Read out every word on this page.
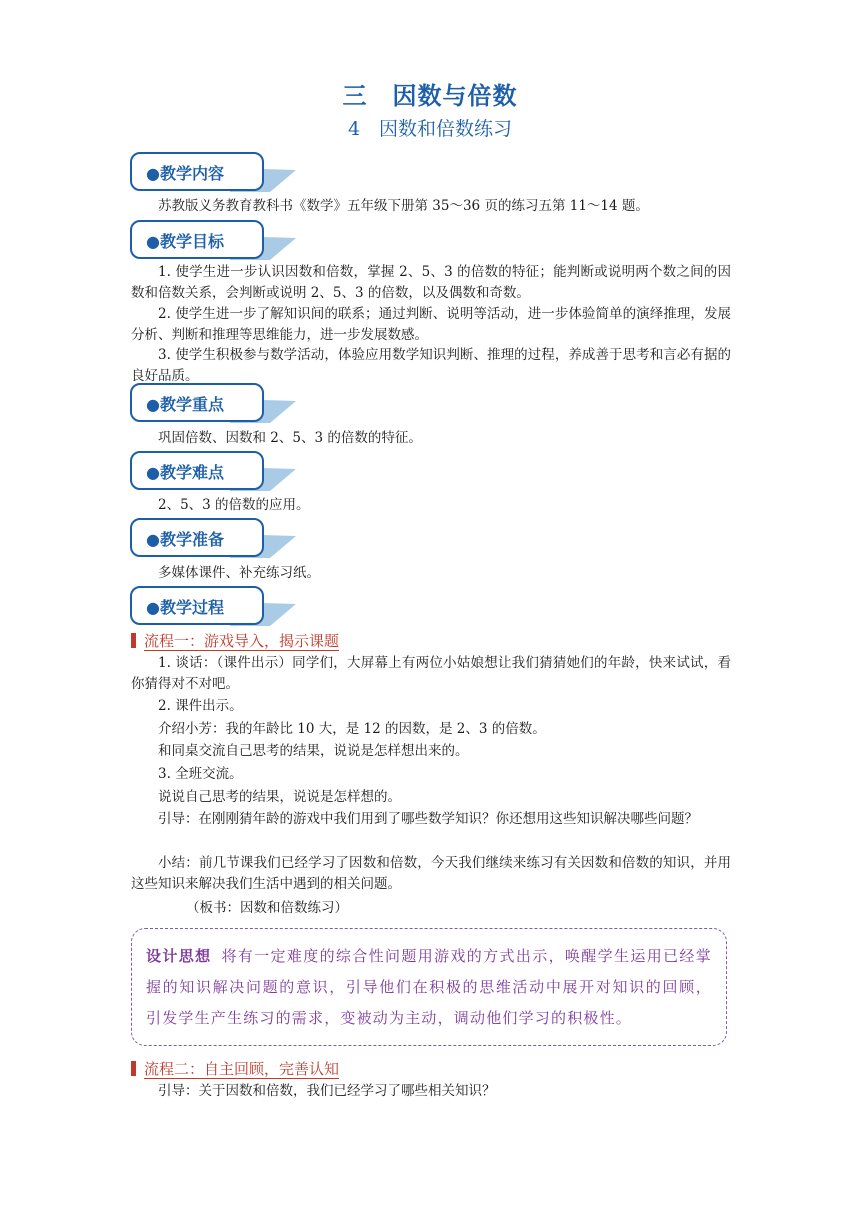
三　因数与倍数
4　因数和倍数练习
●教学内容
苏教版义务教育教科书《数学》五年级下册第 35～36 页的练习五第 11～14 题。
●教学目标
1. 使学生进一步认识因数和倍数，掌握 2、5、3 的倍数的特征；能判断或说明两个数之间的因数和倍数关系，会判断或说明 2、5、3 的倍数，以及偶数和奇数。
2. 使学生进一步了解知识间的联系；通过判断、说明等活动，进一步体验简单的演绎推理，发展分析、判断和推理等思维能力，进一步发展数感。
3. 使学生积极参与数学活动，体验应用数学知识判断、推理的过程，养成善于思考和言必有据的良好品质。
●教学重点
巩固倍数、因数和 2、5、3 的倍数的特征。
●教学难点
2、5、3 的倍数的应用。
●教学准备
多媒体课件、补充练习纸。
●教学过程
流程一：游戏导入，揭示课题
1. 谈话：（课件出示）同学们，大屏幕上有两位小姑娘想让我们猜猜她们的年龄，快来试试，看你猜得对不对吧。
2. 课件出示。
介绍小芳：我的年龄比 10 大，是 12 的因数，是 2、3 的倍数。
和同桌交流自己思考的结果，说说是怎样想出来的。
3. 全班交流。
说说自己思考的结果，说说是怎样想的。
引导：在刚刚猜年龄的游戏中我们用到了哪些数学知识？你还想用这些知识解决哪些问题？
小结：前几节课我们已经学习了因数和倍数，今天我们继续来练习有关因数和倍数的知识，并用这些知识来解决我们生活中遇到的相关问题。
（板书：因数和倍数练习）
设计思想 将有一定难度的综合性问题用游戏的方式出示，唤醒学生运用已经掌握的知识解决问题的意识，引导他们在积极的思维活动中展开对知识的回顾，引发学生产生练习的需求，变被动为主动，调动他们学习的积极性。
流程二：自主回顾，完善认知
引导：关于因数和倍数，我们已经学习了哪些相关知识？
